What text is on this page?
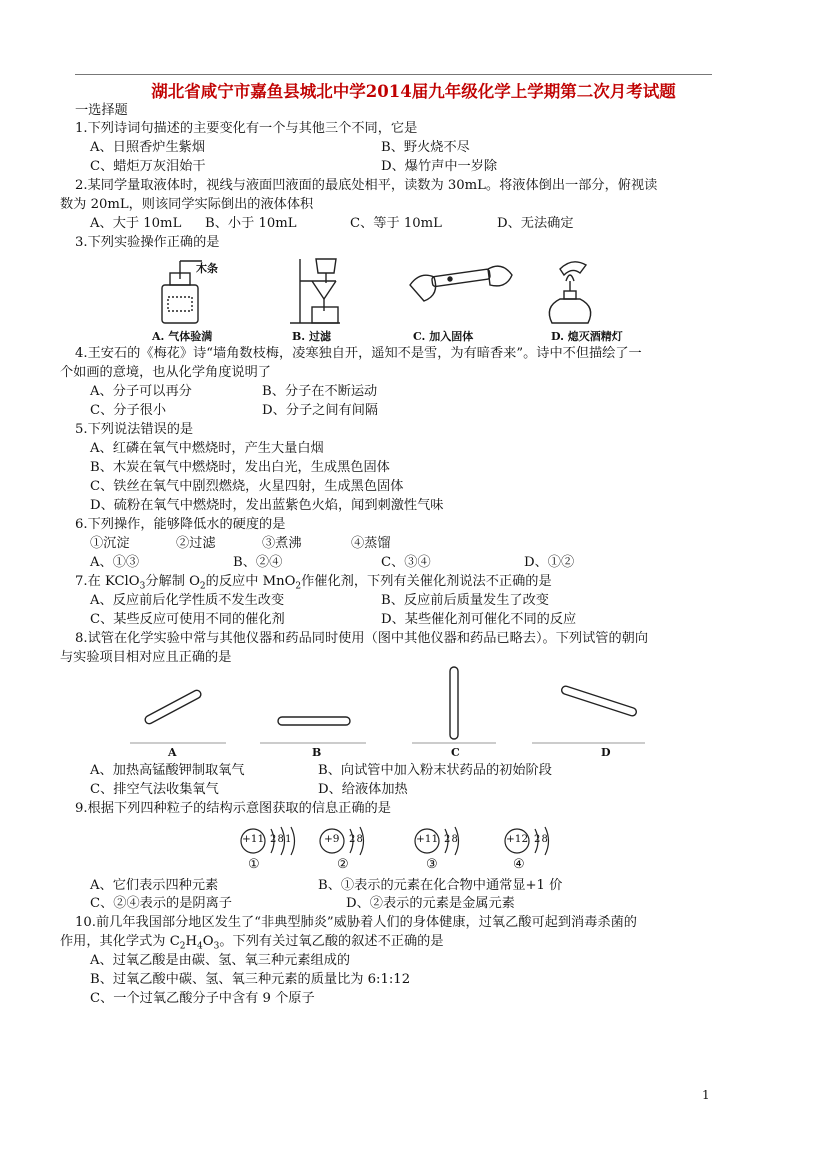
湖北省咸宁市嘉鱼县城北中学2014届九年级化学上学期第二次月考试题
一选择题
1.下列诗词句描述的主要变化有一个与其他三个不同，它是
A、日照香炉生紫烟	B、野火烧不尽
C、蜡炬万灰泪始干	D、爆竹声中一岁除
2.某同学量取液体时，视线与液面凹液面的最底处相平，读数为 30mL。将液体倒出一部分，俯视读
数为 20mL，则该同学实际倒出的液体体积
A、大于 10mL B、小于 10mL	C、等于 10mL	D、无法确定
3.下列实验操作正确的是
木条
A. 气体验满	B. 过滤	C. 加入固体	D. 熄灭酒精灯
4.王安石的《梅花》诗“墙角数枝梅，凌寒独自开，遥知不是雪，为有暗香来”。诗中不但描绘了一
个如画的意境，也从化学角度说明了
A、分子可以再分	B、分子在不断运动
C、分子很小	D、分子之间有间隔
5.下列说法错误的是
A、红磷在氧气中燃烧时，产生大量白烟
B、木炭在氧气中燃烧时，发出白光，生成黑色固体
C、铁丝在氧气中剧烈燃烧，火星四射，生成黑色固体
D、硫粉在氧气中燃烧时，发出蓝紫色火焰，闻到刺激性气味
6.下列操作，能够降低水的硬度的是
①沉淀	②过滤	③煮沸	④蒸馏
A、①③	B、②④	C、③④	D、①②
7.在 KClO$_3$分解制 $O_2$的反应中 MnO$_2$作催化剂，下列有关催化剂说法不正确的是
A、反应前后化学性质不发生改变	B、反应前后质量发生了改变
C、某些反应可使用不同的催化剂	D、某些催化剂可催化不同的反应
8.试管在化学实验中常与其他仪器和药品同时使用（图中其他仪器和药品已略去）。下列试管的朝向
与实验项目相对应且正确的是
A	B	C	D
A、加热高锰酸钾制取氧气	B、向试管中加入粉末状药品的初始阶段
C、排空气法收集氧气	D、给液体加热
9.根据下列四种粒子的结构示意图获取的信息正确的是
+11 2 8 1
①
+9 2 8
②
+11 2 8
③
+12 2 8
④
A、它们表示四种元素	B、①表示的元素在化合物中通常显+1 价
C、②④表示的是阴离子	D、②表示的元素是金属元素
10.前几年我国部分地区发生了“非典型肺炎”威胁着人们的身体健康，过氧乙酸可起到消毒杀菌的
作用，其化学式为 $C_2H_4O_3$。下列有关过氧乙酸的叙述不正确的是
A、过氧乙酸是由碳、氢、氧三种元素组成的
B、过氧乙酸中碳、氢、氧三种元素的质量比为 6:1:12
C、一个过氧乙酸分子中含有 9 个原子
1
